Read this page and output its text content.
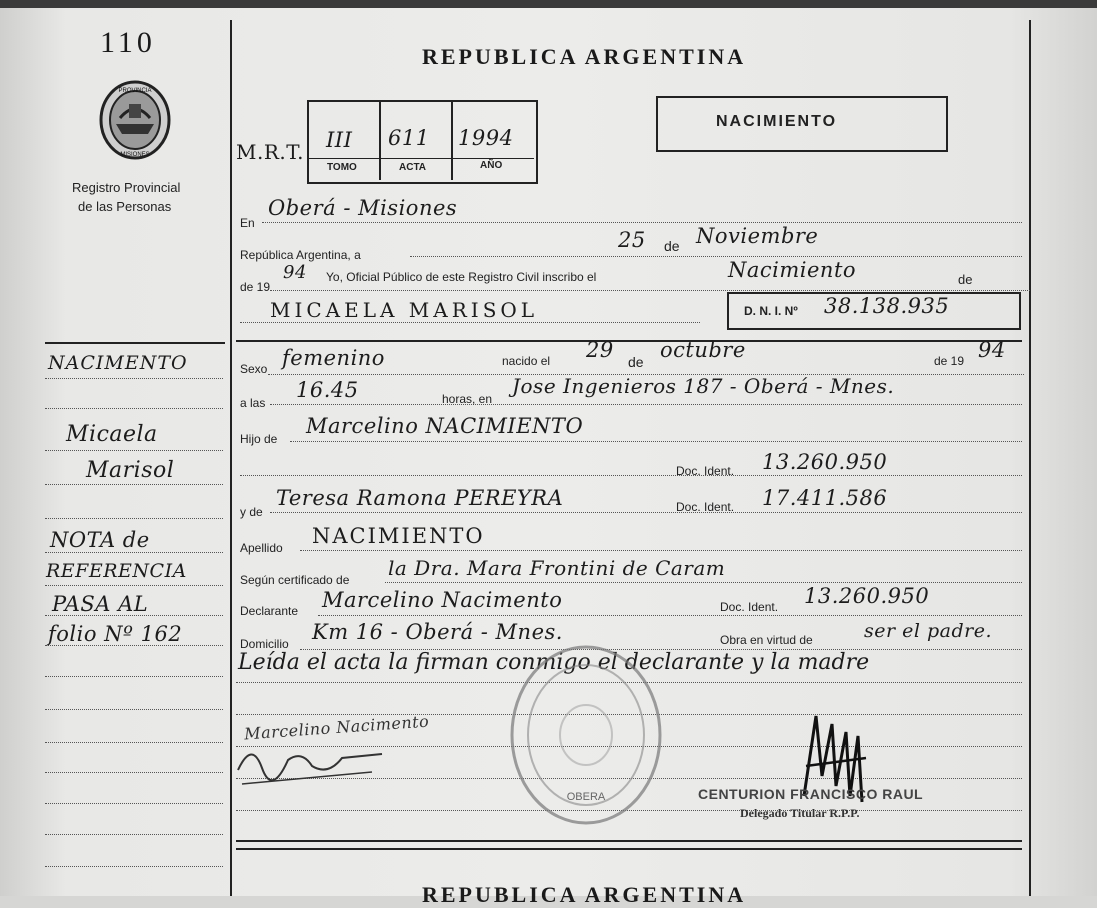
110
PROVINCIA
MISIONES
Registro Provincial
de las Personas
NACIMENTO
Micaela
Marisol
NOTA de
REFERENCIA
PASA AL
folio Nº 162
REPUBLICA ARGENTINA
NACIMIENTO
M.R.T. III 611 1994
TOMO	ACTA	AÑO
En
Oberá - Misiones
República Argentina, a
25 de Noviembre
de 19
94 Yo, Oficial Público de este Registro Civil inscribo el	Nacimiento	de
MICAELA MARISOL	D. N. I. Nº 38.138.935
Sexo femenino	nacido el 29 de octubre	de 19 94
a las
16.45	horas, en
Jose Ingenieros 187 - Oberá - Mnes.
Hijo de
Marcelino NACIMIENTO
Doc. Ident. 13.260.950
y de
Teresa Ramona PEREYRA	Doc. Ident. 17.411.586
Apellido NACIMIENTO
Según certificado de la Dra. Mara Frontini de Caram
Declarante Marcelino Nacimento	Doc. Ident. 13.260.950
Domicilio Km 16 - Oberá - Mnes.	Obra en virtud de	ser el padre.
Leída el acta la firman conmigo el declarante y la madre
OBERA
Marcelino Nacimento
CENTURION FRANCISCO RAUL
Delegado Titular R.P.P.
REPUBLICA ARGENTINA
